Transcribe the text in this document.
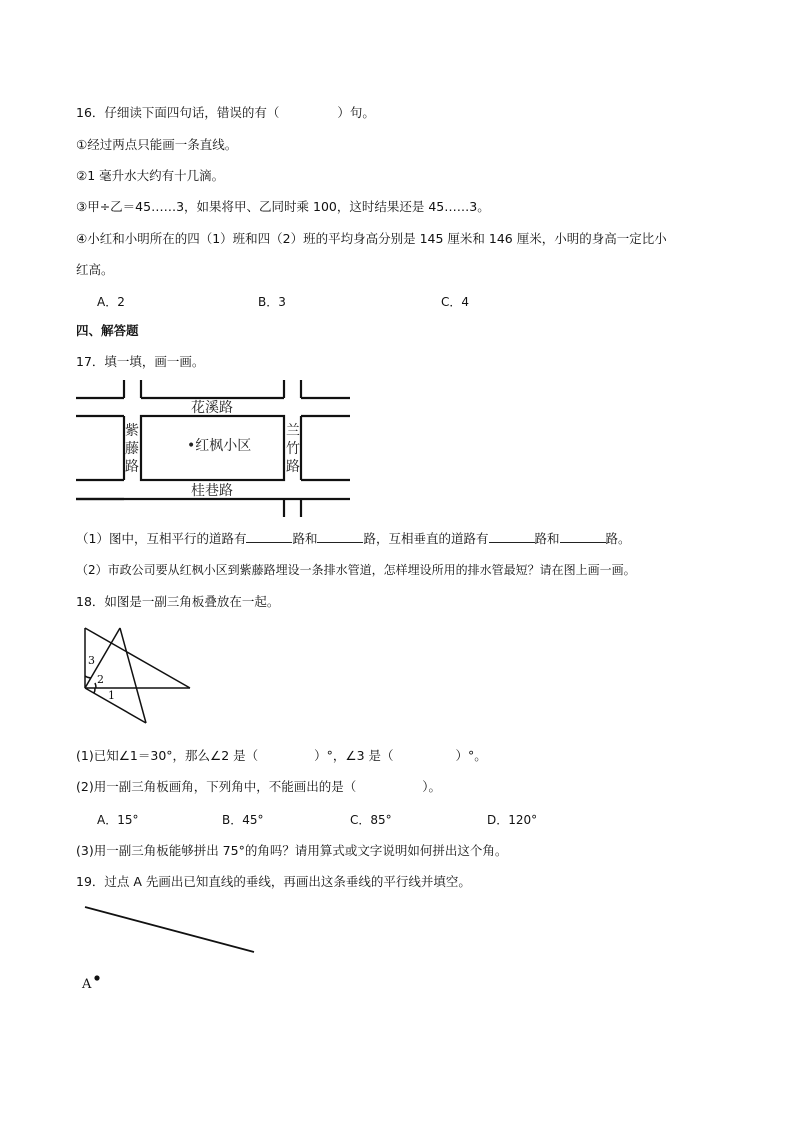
16．仔细读下面四句话，错误的有（	）句。
①经过两点只能画一条直线。
②1 毫升水大约有十几滴。
③甲÷乙＝45……3，如果将甲、乙同时乘 100，这时结果还是 45……3。
④小红和小明所在的四（1）班和四（2）班的平均身高分别是 145 厘米和 146 厘米，小明的身高一定比小
红高。
A．2	B．3	C．4
四、解答题
17．填一填，画一画。
花溪路
桂巷路
紫
藤
路
兰
竹
路
•红枫小区
3
2
1
A
（1）图中，互相平行的道路有	路和	路，互相垂直的道路有	路和	路。
（2）市政公司要从红枫小区到紫藤路埋设一条排水管道，怎样埋设所用的排水管最短？请在图上画一画。
18．如图是一副三角板叠放在一起。
(1)已知∠1＝30°，那么∠2 是（	）°，∠3 是（	）°。
(2)用一副三角板画角，下列角中，不能画出的是（	）。
A．15°	B．45°	C．85°	D．120°
(3)用一副三角板能够拼出 75°的角吗？请用算式或文字说明如何拼出这个角。
19．过点 A 先画出已知直线的垂线，再画出这条垂线的平行线并填空。
